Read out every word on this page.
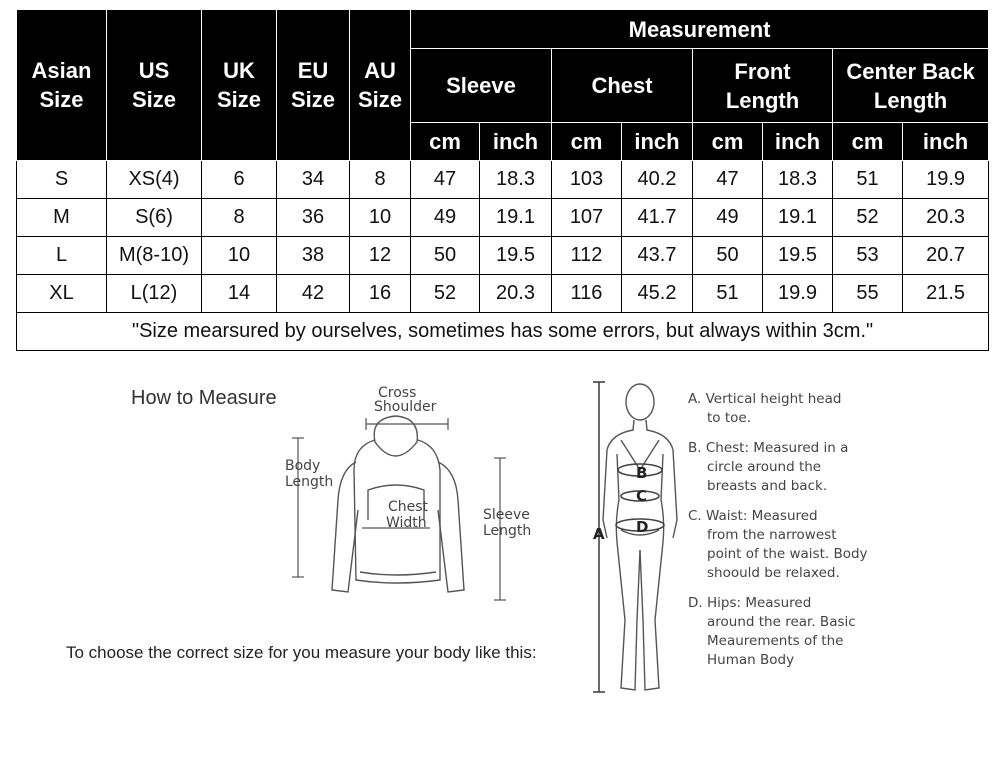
Asian Size	US Size	UK Size	EU Size	AU Size	Measurement							
					Sleeve		Chest		Front Length		Center Back Length	
					cm	inch	cm	inch	cm	inch	cm	inch
S	XS(4)	6	34	8	47	18.3	103	40.2	47	18.3	51	19.9
M	S(6)	8	36	10	49	19.1	107	41.7	49	19.1	52	20.3
L	M(8-10)	10	38	12	50	19.5	112	43.7	50	19.5	53	20.7
XL	L(12)	14	42	16	52	20.3	116	45.2	51	19.9	55	21.5
"Size mearsured by ourselves, sometimes has some errors, but always within 3cm."												
How to Measure	Cross
Shoulder
Body
Length
Chest
Width	Sleeve
Length
To choose the correct size for you measure your body like this:
A
B
C
D
A. Vertical height head
to toe.
B. Chest: Measured in a
circle around the breasts and back.
C. Waist: Measured
from the narrowest point of the waist. Body shoould be relaxed.
D. Hips: Measured
around the rear. Basic Meaurements of the Human Body
